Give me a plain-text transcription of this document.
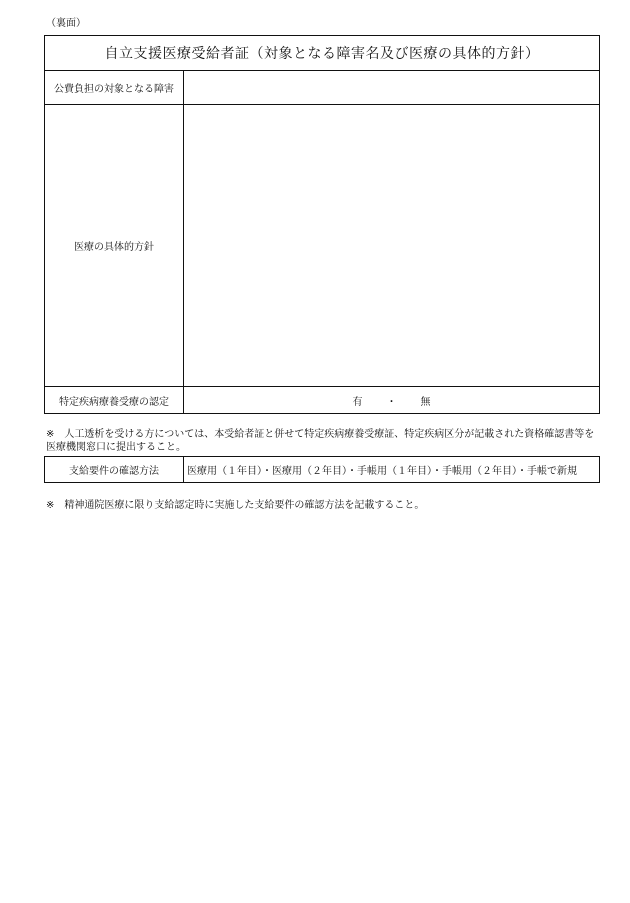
（裏面）
自立支援医療受給者証（対象となる障害名及び医療の具体的方針）
公費負担の対象となる障害
医療の具体的方針
特定疾病療養受療の認定	有 ・ 無
※ 人工透析を受ける方については、本受給者証と併せて特定疾病療養受療証、特定疾病区分が記載された資格確認書等を
医療機関窓口に提出すること。
支給要件の確認方法	医療用（１年目）・医療用（２年目）・手帳用（１年目）・手帳用（２年目）・手帳で新規
※ 精神通院医療に限り支給認定時に実施した支給要件の確認方法を記載すること。
